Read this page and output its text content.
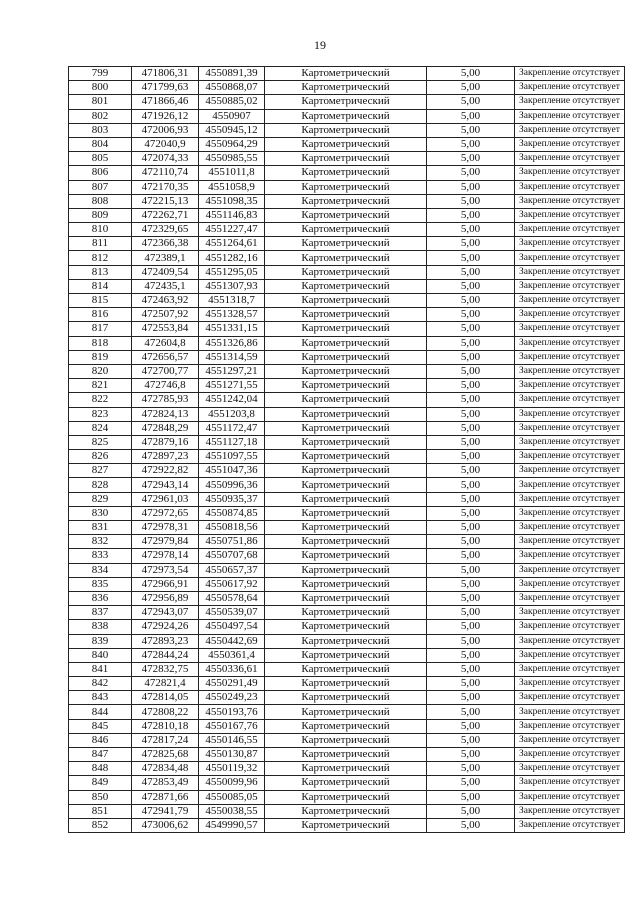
19
799	471806,31	4550891,39	Картометрический	5,00	Закрепление отсутствует
800	471799,63	4550868,07	Картометрический	5,00	Закрепление отсутствует
801	471866,46	4550885,02	Картометрический	5,00	Закрепление отсутствует
802	471926,12	4550907	Картометрический	5,00	Закрепление отсутствует
803	472006,93	4550945,12	Картометрический	5,00	Закрепление отсутствует
804	472040,9	4550964,29	Картометрический	5,00	Закрепление отсутствует
805	472074,33	4550985,55	Картометрический	5,00	Закрепление отсутствует
806	472110,74	4551011,8	Картометрический	5,00	Закрепление отсутствует
807	472170,35	4551058,9	Картометрический	5,00	Закрепление отсутствует
808	472215,13	4551098,35	Картометрический	5,00	Закрепление отсутствует
809	472262,71	4551146,83	Картометрический	5,00	Закрепление отсутствует
810	472329,65	4551227,47	Картометрический	5,00	Закрепление отсутствует
811	472366,38	4551264,61	Картометрический	5,00	Закрепление отсутствует
812	472389,1	4551282,16	Картометрический	5,00	Закрепление отсутствует
813	472409,54	4551295,05	Картометрический	5,00	Закрепление отсутствует
814	472435,1	4551307,93	Картометрический	5,00	Закрепление отсутствует
815	472463,92	4551318,7	Картометрический	5,00	Закрепление отсутствует
816	472507,92	4551328,57	Картометрический	5,00	Закрепление отсутствует
817	472553,84	4551331,15	Картометрический	5,00	Закрепление отсутствует
818	472604,8	4551326,86	Картометрический	5,00	Закрепление отсутствует
819	472656,57	4551314,59	Картометрический	5,00	Закрепление отсутствует
820	472700,77	4551297,21	Картометрический	5,00	Закрепление отсутствует
821	472746,8	4551271,55	Картометрический	5,00	Закрепление отсутствует
822	472785,93	4551242,04	Картометрический	5,00	Закрепление отсутствует
823	472824,13	4551203,8	Картометрический	5,00	Закрепление отсутствует
824	472848,29	4551172,47	Картометрический	5,00	Закрепление отсутствует
825	472879,16	4551127,18	Картометрический	5,00	Закрепление отсутствует
826	472897,23	4551097,55	Картометрический	5,00	Закрепление отсутствует
827	472922,82	4551047,36	Картометрический	5,00	Закрепление отсутствует
828	472943,14	4550996,36	Картометрический	5,00	Закрепление отсутствует
829	472961,03	4550935,37	Картометрический	5,00	Закрепление отсутствует
830	472972,65	4550874,85	Картометрический	5,00	Закрепление отсутствует
831	472978,31	4550818,56	Картометрический	5,00	Закрепление отсутствует
832	472979,84	4550751,86	Картометрический	5,00	Закрепление отсутствует
833	472978,14	4550707,68	Картометрический	5,00	Закрепление отсутствует
834	472973,54	4550657,37	Картометрический	5,00	Закрепление отсутствует
835	472966,91	4550617,92	Картометрический	5,00	Закрепление отсутствует
836	472956,89	4550578,64	Картометрический	5,00	Закрепление отсутствует
837	472943,07	4550539,07	Картометрический	5,00	Закрепление отсутствует
838	472924,26	4550497,54	Картометрический	5,00	Закрепление отсутствует
839	472893,23	4550442,69	Картометрический	5,00	Закрепление отсутствует
840	472844,24	4550361,4	Картометрический	5,00	Закрепление отсутствует
841	472832,75	4550336,61	Картометрический	5,00	Закрепление отсутствует
842	472821,4	4550291,49	Картометрический	5,00	Закрепление отсутствует
843	472814,05	4550249,23	Картометрический	5,00	Закрепление отсутствует
844	472808,22	4550193,76	Картометрический	5,00	Закрепление отсутствует
845	472810,18	4550167,76	Картометрический	5,00	Закрепление отсутствует
846	472817,24	4550146,55	Картометрический	5,00	Закрепление отсутствует
847	472825,68	4550130,87	Картометрический	5,00	Закрепление отсутствует
848	472834,48	4550119,32	Картометрический	5,00	Закрепление отсутствует
849	472853,49	4550099,96	Картометрический	5,00	Закрепление отсутствует
850	472871,66	4550085,05	Картометрический	5,00	Закрепление отсутствует
851	472941,79	4550038,55	Картометрический	5,00	Закрепление отсутствует
852	473006,62	4549990,57	Картометрический	5,00	Закрепление отсутствует
